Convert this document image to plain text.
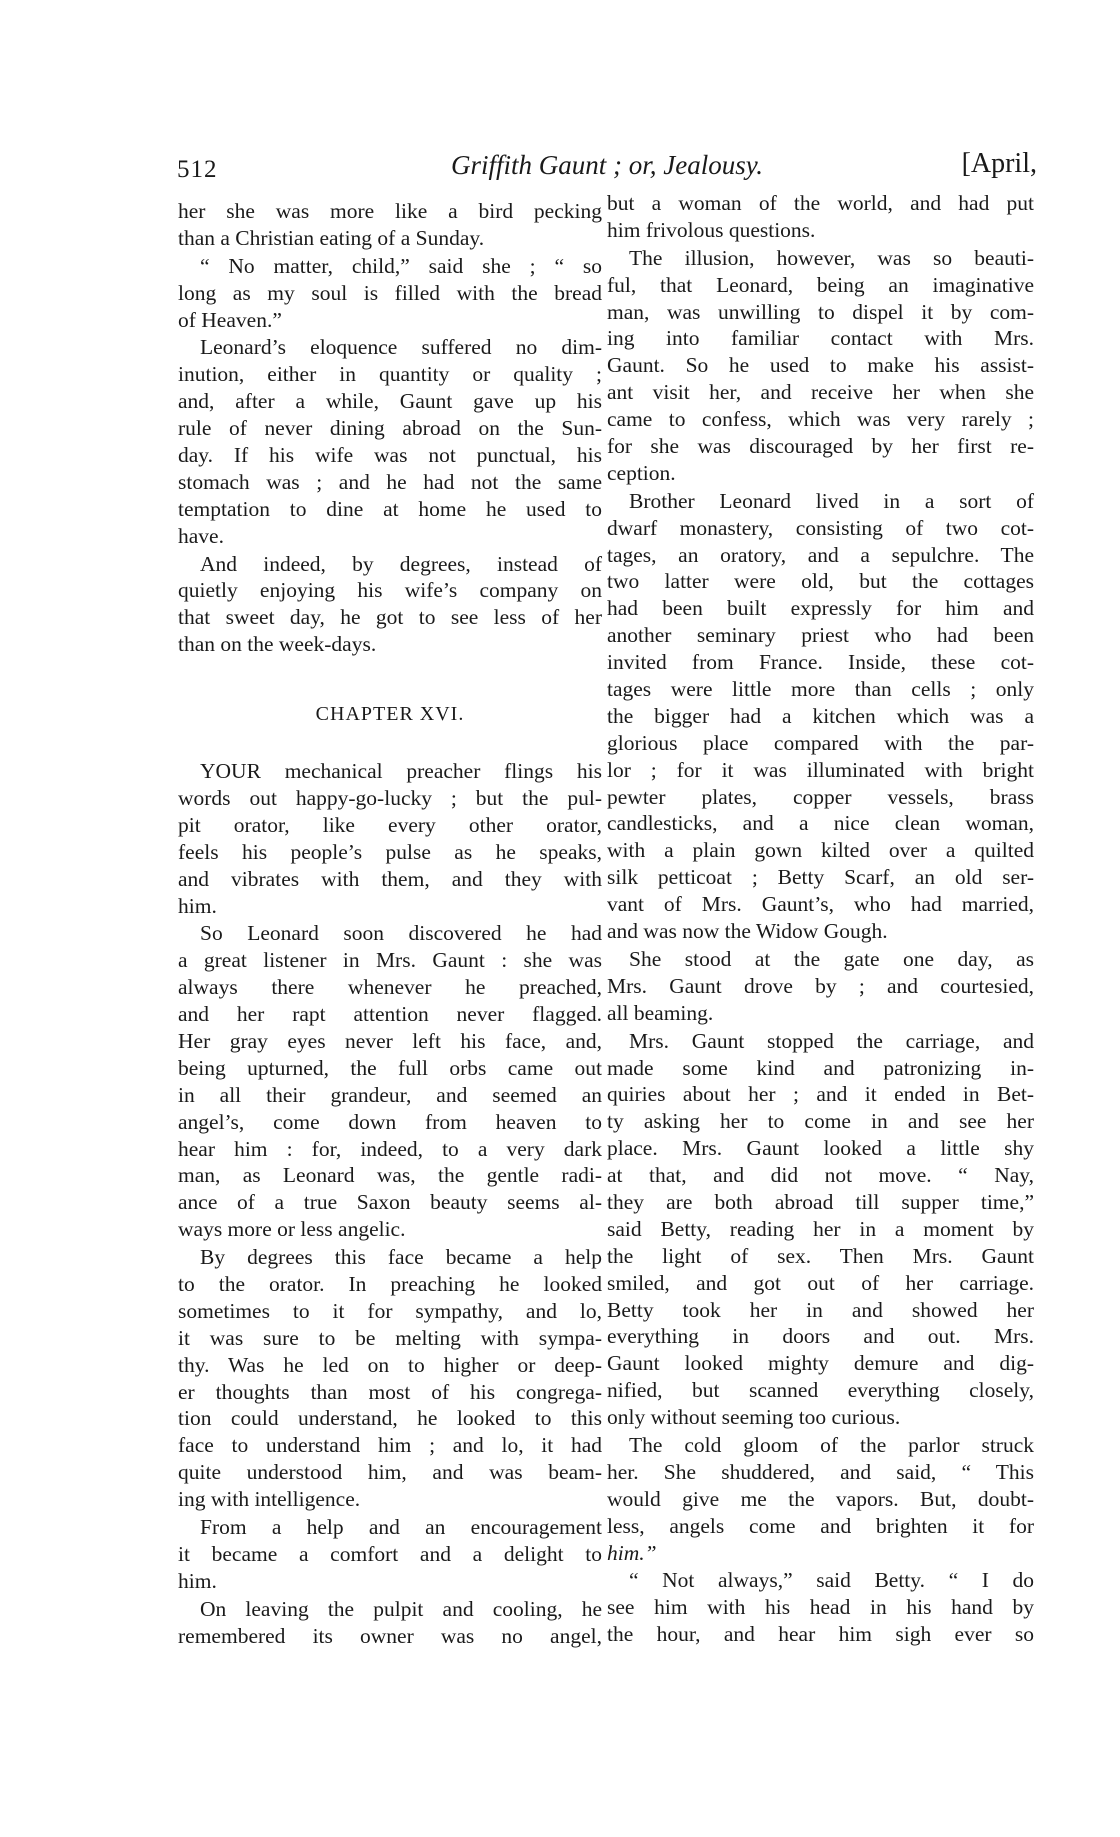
512	Griffith Gaunt ; or, Jealousy.	[April,
her she was more like a bird pecking
than a Christian eating of a Sunday.
“ No matter, child,” said she ; “ so
long as my soul is filled with the bread
of Heaven.”
Leonard’s eloquence suffered no dim-
inution, either in quantity or quality ;
and, after a while, Gaunt gave up his
rule of never dining abroad on the Sun-
day. If his wife was not punctual, his
stomach was ; and he had not the same
temptation to dine at home he used to
have.
And indeed, by degrees, instead of
quietly enjoying his wife’s company on
that sweet day, he got to see less of her
than on the week-days.
CHAPTER XVI.
YOUR mechanical preacher flings his
words out happy-go-lucky ; but the pul-
pit orator, like every other orator,
feels his people’s pulse as he speaks,
and vibrates with them, and they with
him.
So Leonard soon discovered he had
a great listener in Mrs. Gaunt : she was
always there whenever he preached,
and her rapt attention never flagged.
Her gray eyes never left his face, and,
being upturned, the full orbs came out
in all their grandeur, and seemed an
angel’s, come down from heaven to
hear him : for, indeed, to a very dark
man, as Leonard was, the gentle radi-
ance of a true Saxon beauty seems al-
ways more or less angelic.
By degrees this face became a help
to the orator. In preaching he looked
sometimes to it for sympathy, and lo,
it was sure to be melting with sympa-
thy. Was he led on to higher or deep-
er thoughts than most of his congrega-
tion could understand, he looked to this
face to understand him ; and lo, it had
quite understood him, and was beam-
ing with intelligence.
From a help and an encouragement
it became a comfort and a delight to
him.
On leaving the pulpit and cooling, he
remembered its owner was no angel,
but a woman of the world, and had put
him frivolous questions.
The illusion, however, was so beauti-
ful, that Leonard, being an imaginative
man, was unwilling to dispel it by com-
ing into familiar contact with Mrs.
Gaunt. So he used to make his assist-
ant visit her, and receive her when she
came to confess, which was very rarely ;
for she was discouraged by her first re-
ception.
Brother Leonard lived in a sort of
dwarf monastery, consisting of two cot-
tages, an oratory, and a sepulchre. The
two latter were old, but the cottages
had been built expressly for him and
another seminary priest who had been
invited from France. Inside, these cot-
tages were little more than cells ; only
the bigger had a kitchen which was a
glorious place compared with the par-
lor ; for it was illuminated with bright
pewter plates, copper vessels, brass
candlesticks, and a nice clean woman,
with a plain gown kilted over a quilted
silk petticoat ; Betty Scarf, an old ser-
vant of Mrs. Gaunt’s, who had married,
and was now the Widow Gough.
She stood at the gate one day, as
Mrs. Gaunt drove by ; and courtesied,
all beaming.
Mrs. Gaunt stopped the carriage, and
made some kind and patronizing in-
quiries about her ; and it ended in Bet-
ty asking her to come in and see her
place. Mrs. Gaunt looked a little shy
at that, and did not move. “ Nay,
they are both abroad till supper time,”
said Betty, reading her in a moment by
the light of sex. Then Mrs. Gaunt
smiled, and got out of her carriage.
Betty took her in and showed her
everything in doors and out. Mrs.
Gaunt looked mighty demure and dig-
nified, but scanned everything closely,
only without seeming too curious.
The cold gloom of the parlor struck
her. She shuddered, and said, “ This
would give me the vapors. But, doubt-
less, angels come and brighten it for
him.”
“ Not always,” said Betty. “ I do
see him with his head in his hand by
the hour, and hear him sigh ever so
